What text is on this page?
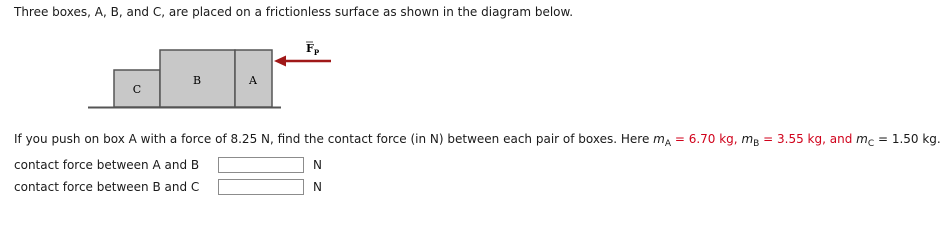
Three boxes, A, B, and C, are placed on a frictionless surface as shown in the diagram below.
C
B	A
$F_P$
If you push on box A with a force of 8.25 N, find the contact force (in N) between each pair of boxes. Here $m_A = 6.70$ kg, $m_B = 3.55$ kg, and $m_C = 1.50$ kg.
contact force between A and B	N
contact force between B and C	N
